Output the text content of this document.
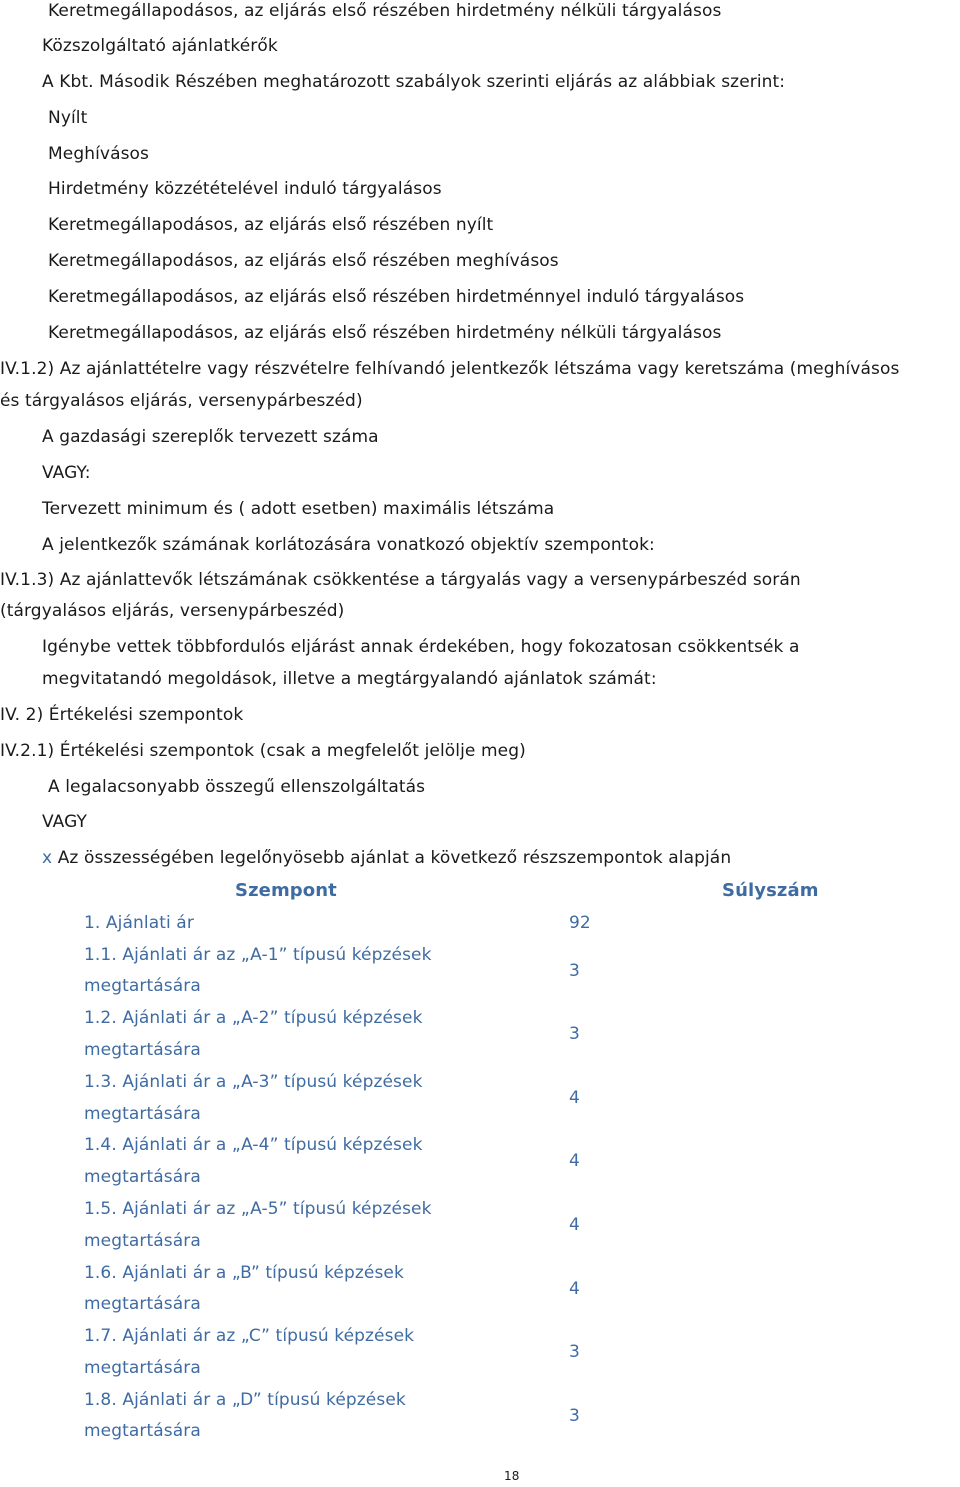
Keretmegállapodásos, az eljárás első részében hirdetmény nélküli tárgyalásos
Közszolgáltató ajánlatkérők
A Kbt. Második Részében meghatározott szabályok szerinti eljárás az alábbiak szerint:
Nyílt
Meghívásos
Hirdetmény közzétételével induló tárgyalásos
Keretmegállapodásos, az eljárás első részében nyílt
Keretmegállapodásos, az eljárás első részében meghívásos
Keretmegállapodásos, az eljárás első részében hirdetménnyel induló tárgyalásos
Keretmegállapodásos, az eljárás első részében hirdetmény nélküli tárgyalásos
IV.1.2) Az ajánlattételre vagy részvételre felhívandó jelentkezők létszáma vagy keretszáma (meghívásos
és tárgyalásos eljárás, versenypárbeszéd)
A gazdasági szereplők tervezett száma
VAGY:
Tervezett minimum és ( adott esetben) maximális létszáma
A jelentkezők számának korlátozására vonatkozó objektív szempontok:
IV.1.3) Az ajánlattevők létszámának csökkentése a tárgyalás vagy a versenypárbeszéd során
(tárgyalásos eljárás, versenypárbeszéd)
Igénybe vettek többfordulós eljárást annak érdekében, hogy fokozatosan csökkentsék a
megvitatandó megoldások, illetve a megtárgyalandó ajánlatok számát:
IV. 2) Értékelési szempontok
IV.2.1) Értékelési szempontok (csak a megfelelőt jelölje meg)
A legalacsonyabb összegű ellenszolgáltatás
VAGY
x Az összességében legelőnyösebb ajánlat a következő részszempontok alapján
Szempont	Súlyszám
1. Ajánlati ár	92
1.1. Ajánlati ár az „A-1” típusú képzések
megtartására
3
1.2. Ajánlati ár a „A-2” típusú képzések
megtartására
3
1.3. Ajánlati ár a „A-3” típusú képzések
megtartására
4
1.4. Ajánlati ár a „A-4” típusú képzések
megtartására
4
1.5. Ajánlati ár az „A-5” típusú képzések
megtartására
4
1.6. Ajánlati ár a „B” típusú képzések
megtartására
4
1.7. Ajánlati ár az „C” típusú képzések
megtartására
3
1.8. Ajánlati ár a „D” típusú képzések
megtartására
3
18
